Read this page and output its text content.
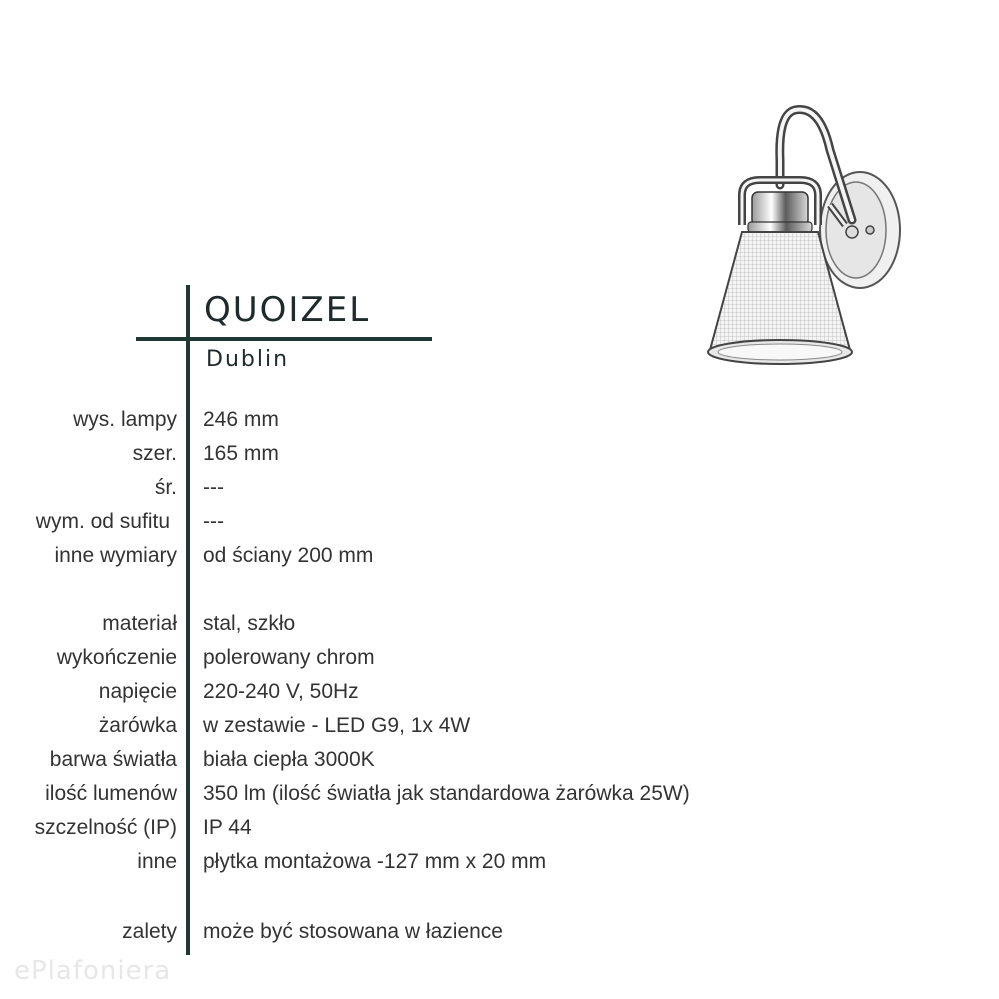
QUOIZEL
Dublin
wys. lampy 246 mm
szer. 165 mm
śr. ---
wym. od sufitu ---
inne wymiary od ściany 200 mm
materiał stal, szkło
wykończenie polerowany chrom
napięcie 220-240 V, 50Hz
żarówka w zestawie - LED G9, 1x 4W
barwa światła biała ciepła 3000K
ilość lumenów 350 lm (ilość światła jak standardowa żarówka 25W)
szczelność (IP) IP 44
inne płytka montażowa -127 mm x 20 mm
zalety może być stosowana w łazience
ePlafoniera
